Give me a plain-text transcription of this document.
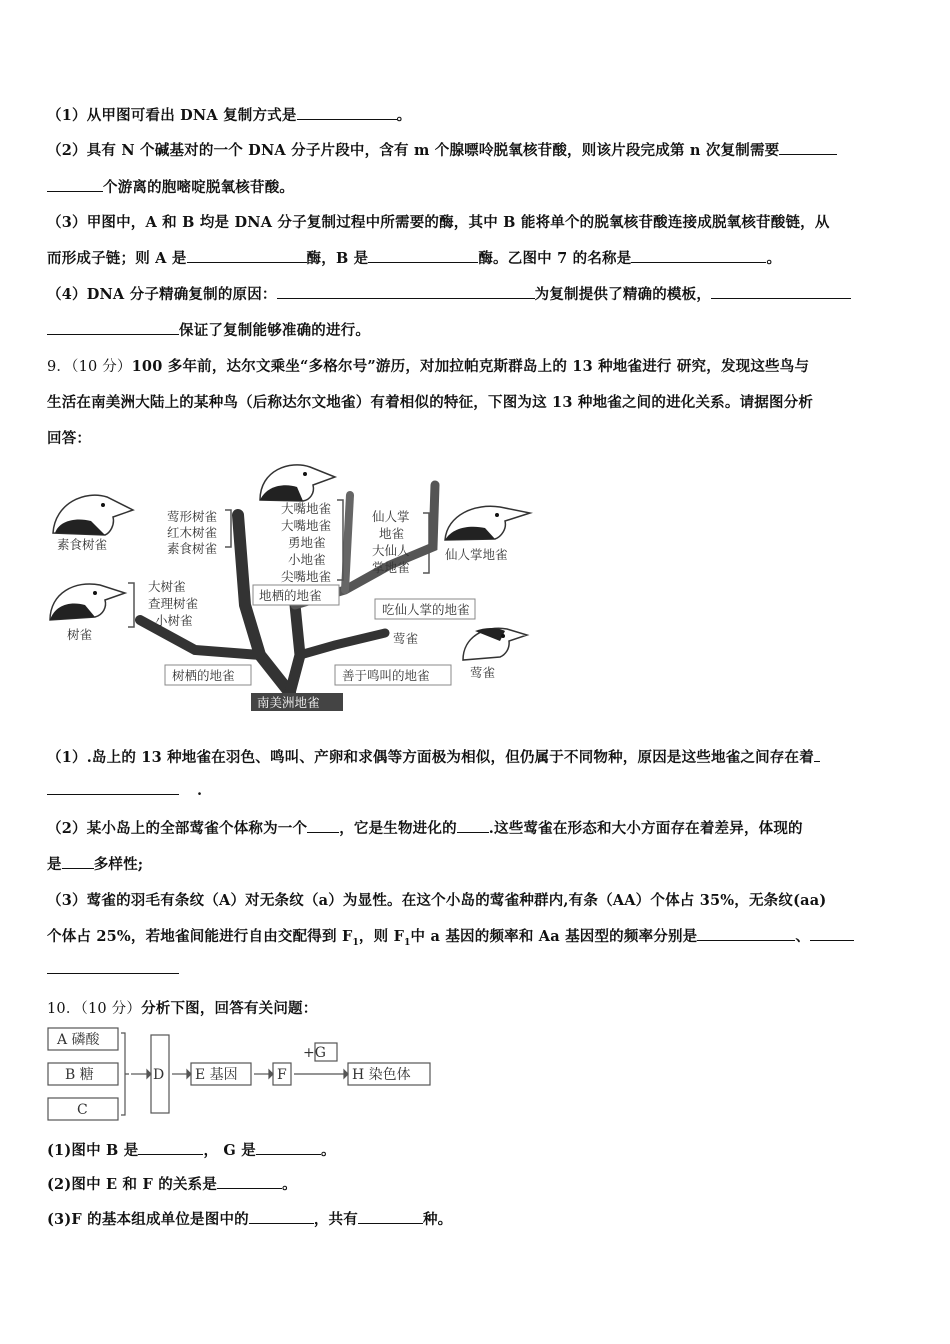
（1）从甲图可看出 DNA 复制方式是	。
（2）具有 N 个碱基对的一个 DNA 分子片段中，含有 m 个腺嘌呤脱氧核苷酸，则该片段完成第 n 次复制需要
个游离的胞嘧啶脱氧核苷酸。
（3）甲图中，A 和 B 均是 DNA 分子复制过程中所需要的酶，其中 B 能将单个的脱氧核苷酸连接成脱氧核苷酸链，从
而形成子链；则 A 是	酶，B 是	酶。乙图中 7 的名称是	。
（4）DNA 分子精确复制的原因：	为复制提供了精确的模板，
保证了复制能够准确的进行。
9．（10 分）100 多年前，达尔文乘坐“多格尔号”游历，对加拉帕克斯群岛上的 13 种地雀进行 研究，发现这些鸟与
生活在南美洲大陆上的某种鸟（后称达尔文地雀）有着相似的特征，下图为这 13 种地雀之间的进化关系。请据图分析
回答：
莺形树雀
红木树雀
素食树雀
大嘴地雀
大嘴地雀
勇地雀
小地雀
尖嘴地雀
仙人掌
地雀
大仙人
掌地雀
大树雀
查理树雀
小树雀
莺雀
地栖的地雀
吃仙人掌的地雀
树栖的地雀	善于鸣叫的地雀
南美洲地雀
素食树雀
仙人掌地雀
树雀
莺雀
（1）.岛上的 13 种地雀在羽色、鸣叫、产卵和求偶等方面极为相似，但仍属于不同物种，原因是这些地雀之间存在着
.
（2）某小岛上的全部莺雀个体称为一个 ，它是生物进化的 .这些莺雀在形态和大小方面存在着差异，体现的
是 多样性;
（3）莺雀的羽毛有条纹（A）对无条纹（a）为显性。在这个小岛的莺雀种群内,有条（AA）个体占 35%，无条纹(aa)
个体占 25%，若地雀间能进行自由交配得到 $F_1$，则 $F_1$中 a 基因的频率和 Aa 基因型的频率分别是	、
10．（10 分）分析下图，回答有关问题：
A 磷酸
B 糖
C
D E 基因	F
+G
H 染色体
(1)图中 B 是	， G 是	。
(2)图中 E 和 F 的关系是	。
(3)F 的基本组成单位是图中的	，共有	种。
